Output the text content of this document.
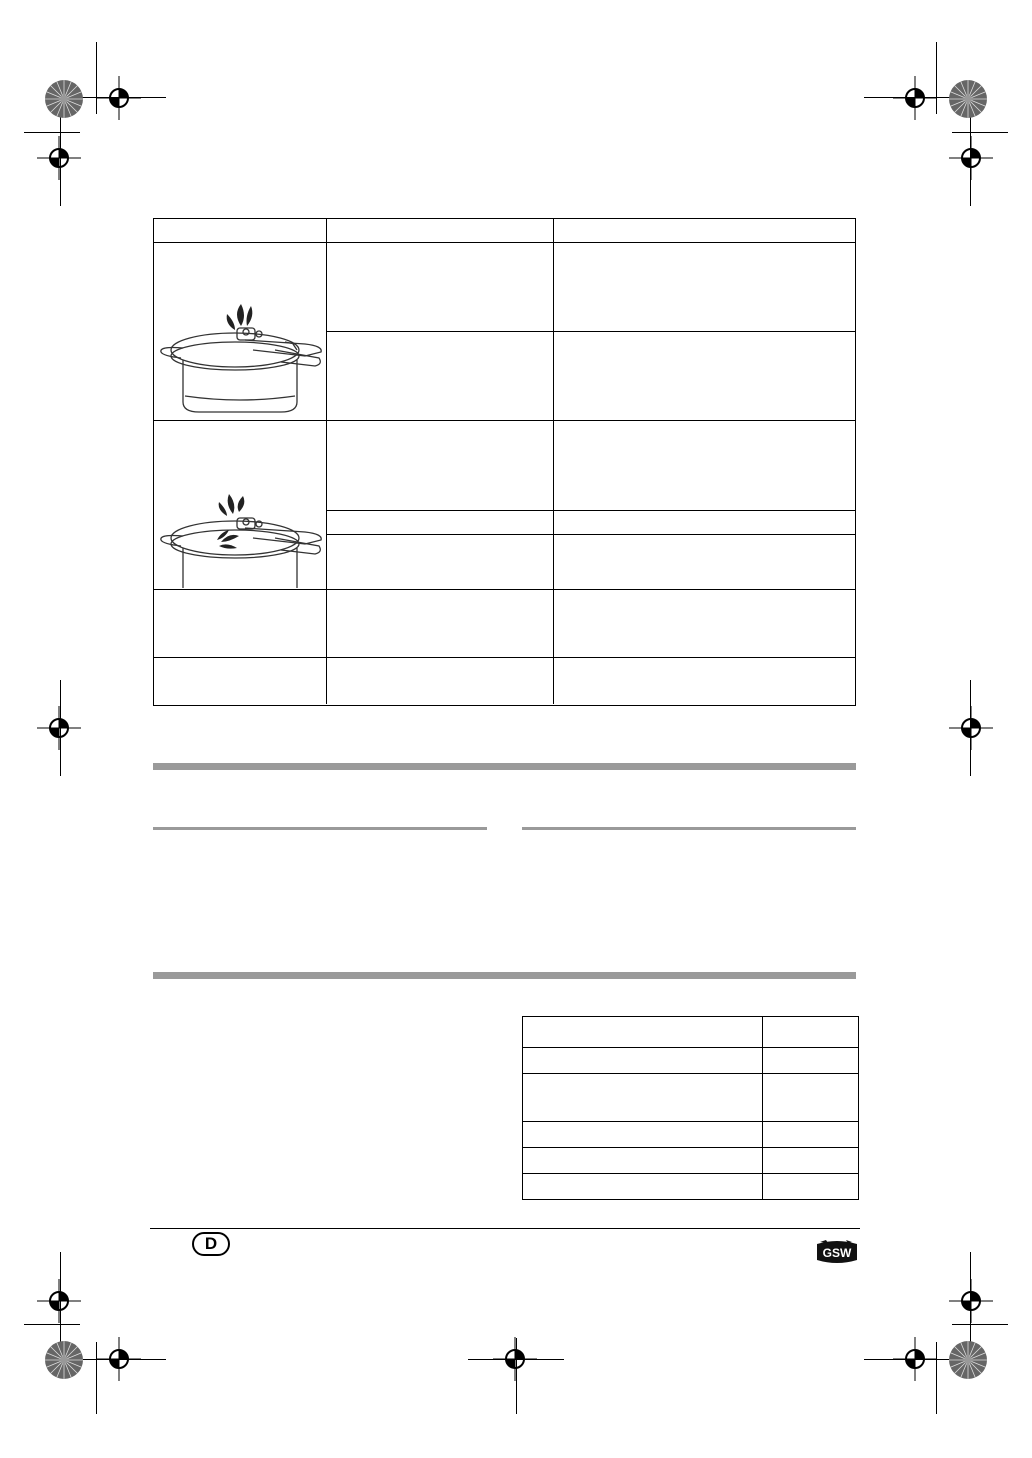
D	GSW
